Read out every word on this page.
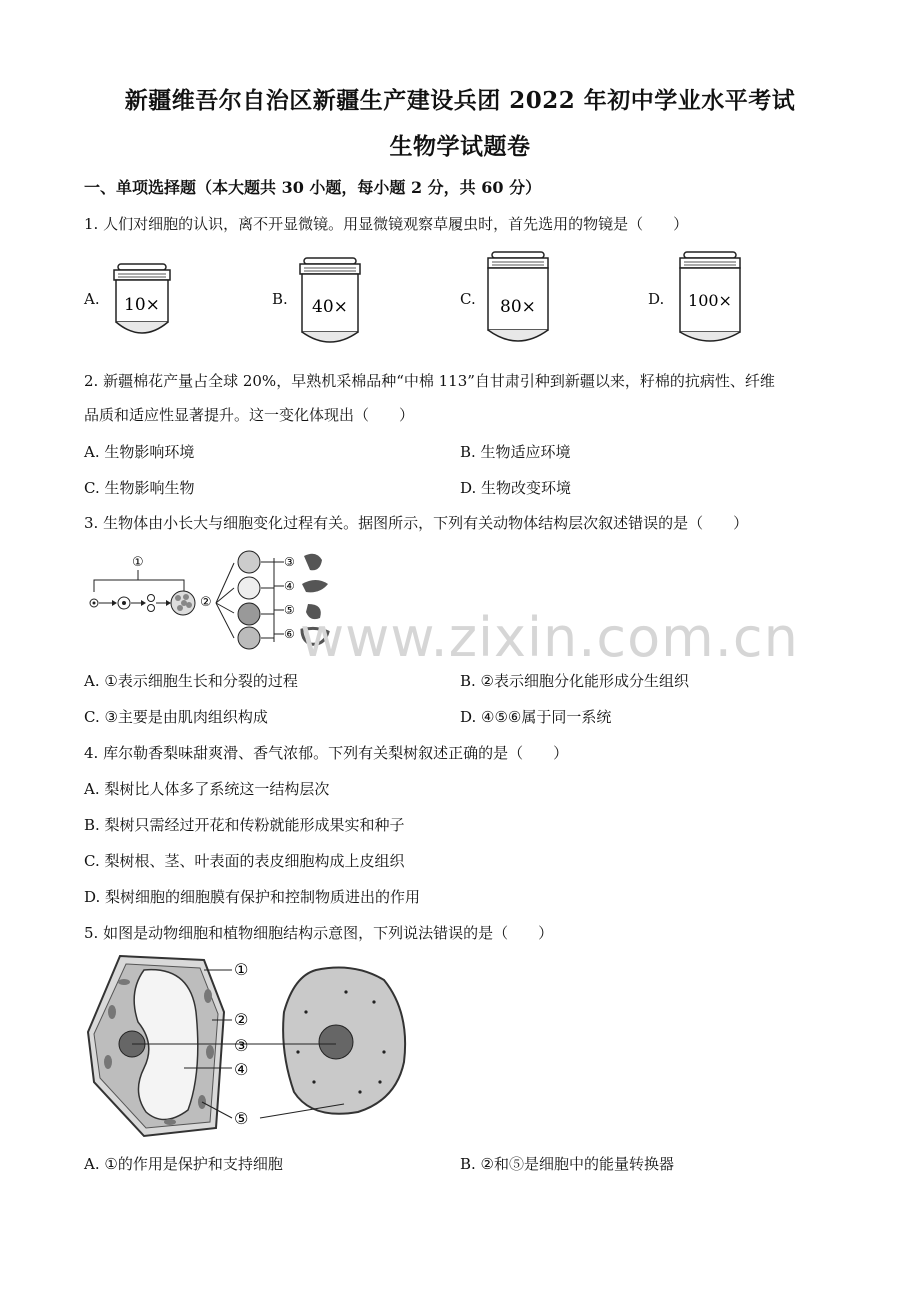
新疆维吾尔自治区新疆生产建设兵团 2022 年初中学业水平考试
生物学试题卷
一、单项选择题（本大题共 30 小题，每小题 2 分，共 60 分）
1. 人们对细胞的认识，离不开显微镜。用显微镜观察草履虫时，首先选用的物镜是（　　）
A. 10×	B. 40×	C. 80×	D. 100×
2. 新疆棉花产量占全球 20%，早熟机采棉品种“中棉 113”自甘肃引种到新疆以来，籽棉的抗病性、纤维
品质和适应性显著提升。这一变化体现出（　　）
A. 生物影响环境	B. 生物适应环境
C. 生物影响生物	D. 生物改变环境
3. 生物体由小长大与细胞变化过程有关。据图所示，下列有关动物体结构层次叙述错误的是（　　）
①
②
③
④
⑤
⑥ www.zixin.com.cn
A. ①表示细胞生长和分裂的过程	B. ②表示细胞分化能形成分生组织
C. ③主要是由肌肉组织构成	D. ④⑤⑥属于同一系统
4. 库尔勒香梨味甜爽滑、香气浓郁。下列有关梨树叙述正确的是（　　）
A. 梨树比人体多了系统这一结构层次
B. 梨树只需经过开花和传粉就能形成果实和种子
C. 梨树根、茎、叶表面的表皮细胞构成上皮组织
D. 梨树细胞的细胞膜有保护和控制物质进出的作用
5. 如图是动物细胞和植物细胞结构示意图，下列说法错误的是（　　）
①
②
③
④
⑤
A. ①的作用是保护和支持细胞	B. ②和⑤是细胞中的能量转换器
